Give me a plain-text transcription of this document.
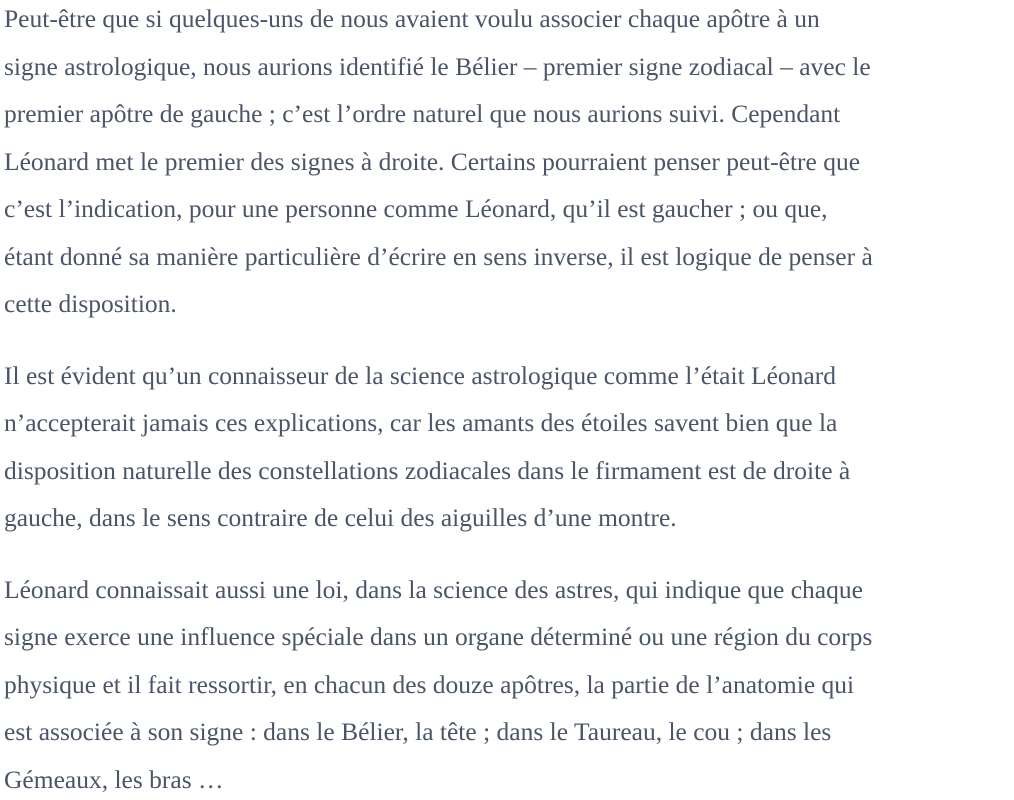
Peut-être que si quelques-uns de nous avaient voulu associer chaque apôtre à un
signe astrologique, nous aurions identifié le Bélier – premier signe zodiacal – avec le
premier apôtre de gauche ; c’est l’ordre naturel que nous aurions suivi. Cependant
Léonard met le premier des signes à droite. Certains pourraient penser peut-être que
c’est l’indication, pour une personne comme Léonard, qu’il est gaucher ; ou que,
étant donné sa manière particulière d’écrire en sens inverse, il est logique de penser à
cette disposition.

Il est évident qu’un connaisseur de la science astrologique comme l’était Léonard
n’accepterait jamais ces explications, car les amants des étoiles savent bien que la
disposition naturelle des constellations zodiacales dans le firmament est de droite à
gauche, dans le sens contraire de celui des aiguilles d’une montre.

Léonard connaissait aussi une loi, dans la science des astres, qui indique que chaque
signe exerce une influence spéciale dans un organe déterminé ou une région du corps
physique et il fait ressortir, en chacun des douze apôtres, la partie de l’anatomie qui
est associée à son signe : dans le Bélier, la tête ; dans le Taureau, le cou ; dans les
Gémeaux, les bras …
